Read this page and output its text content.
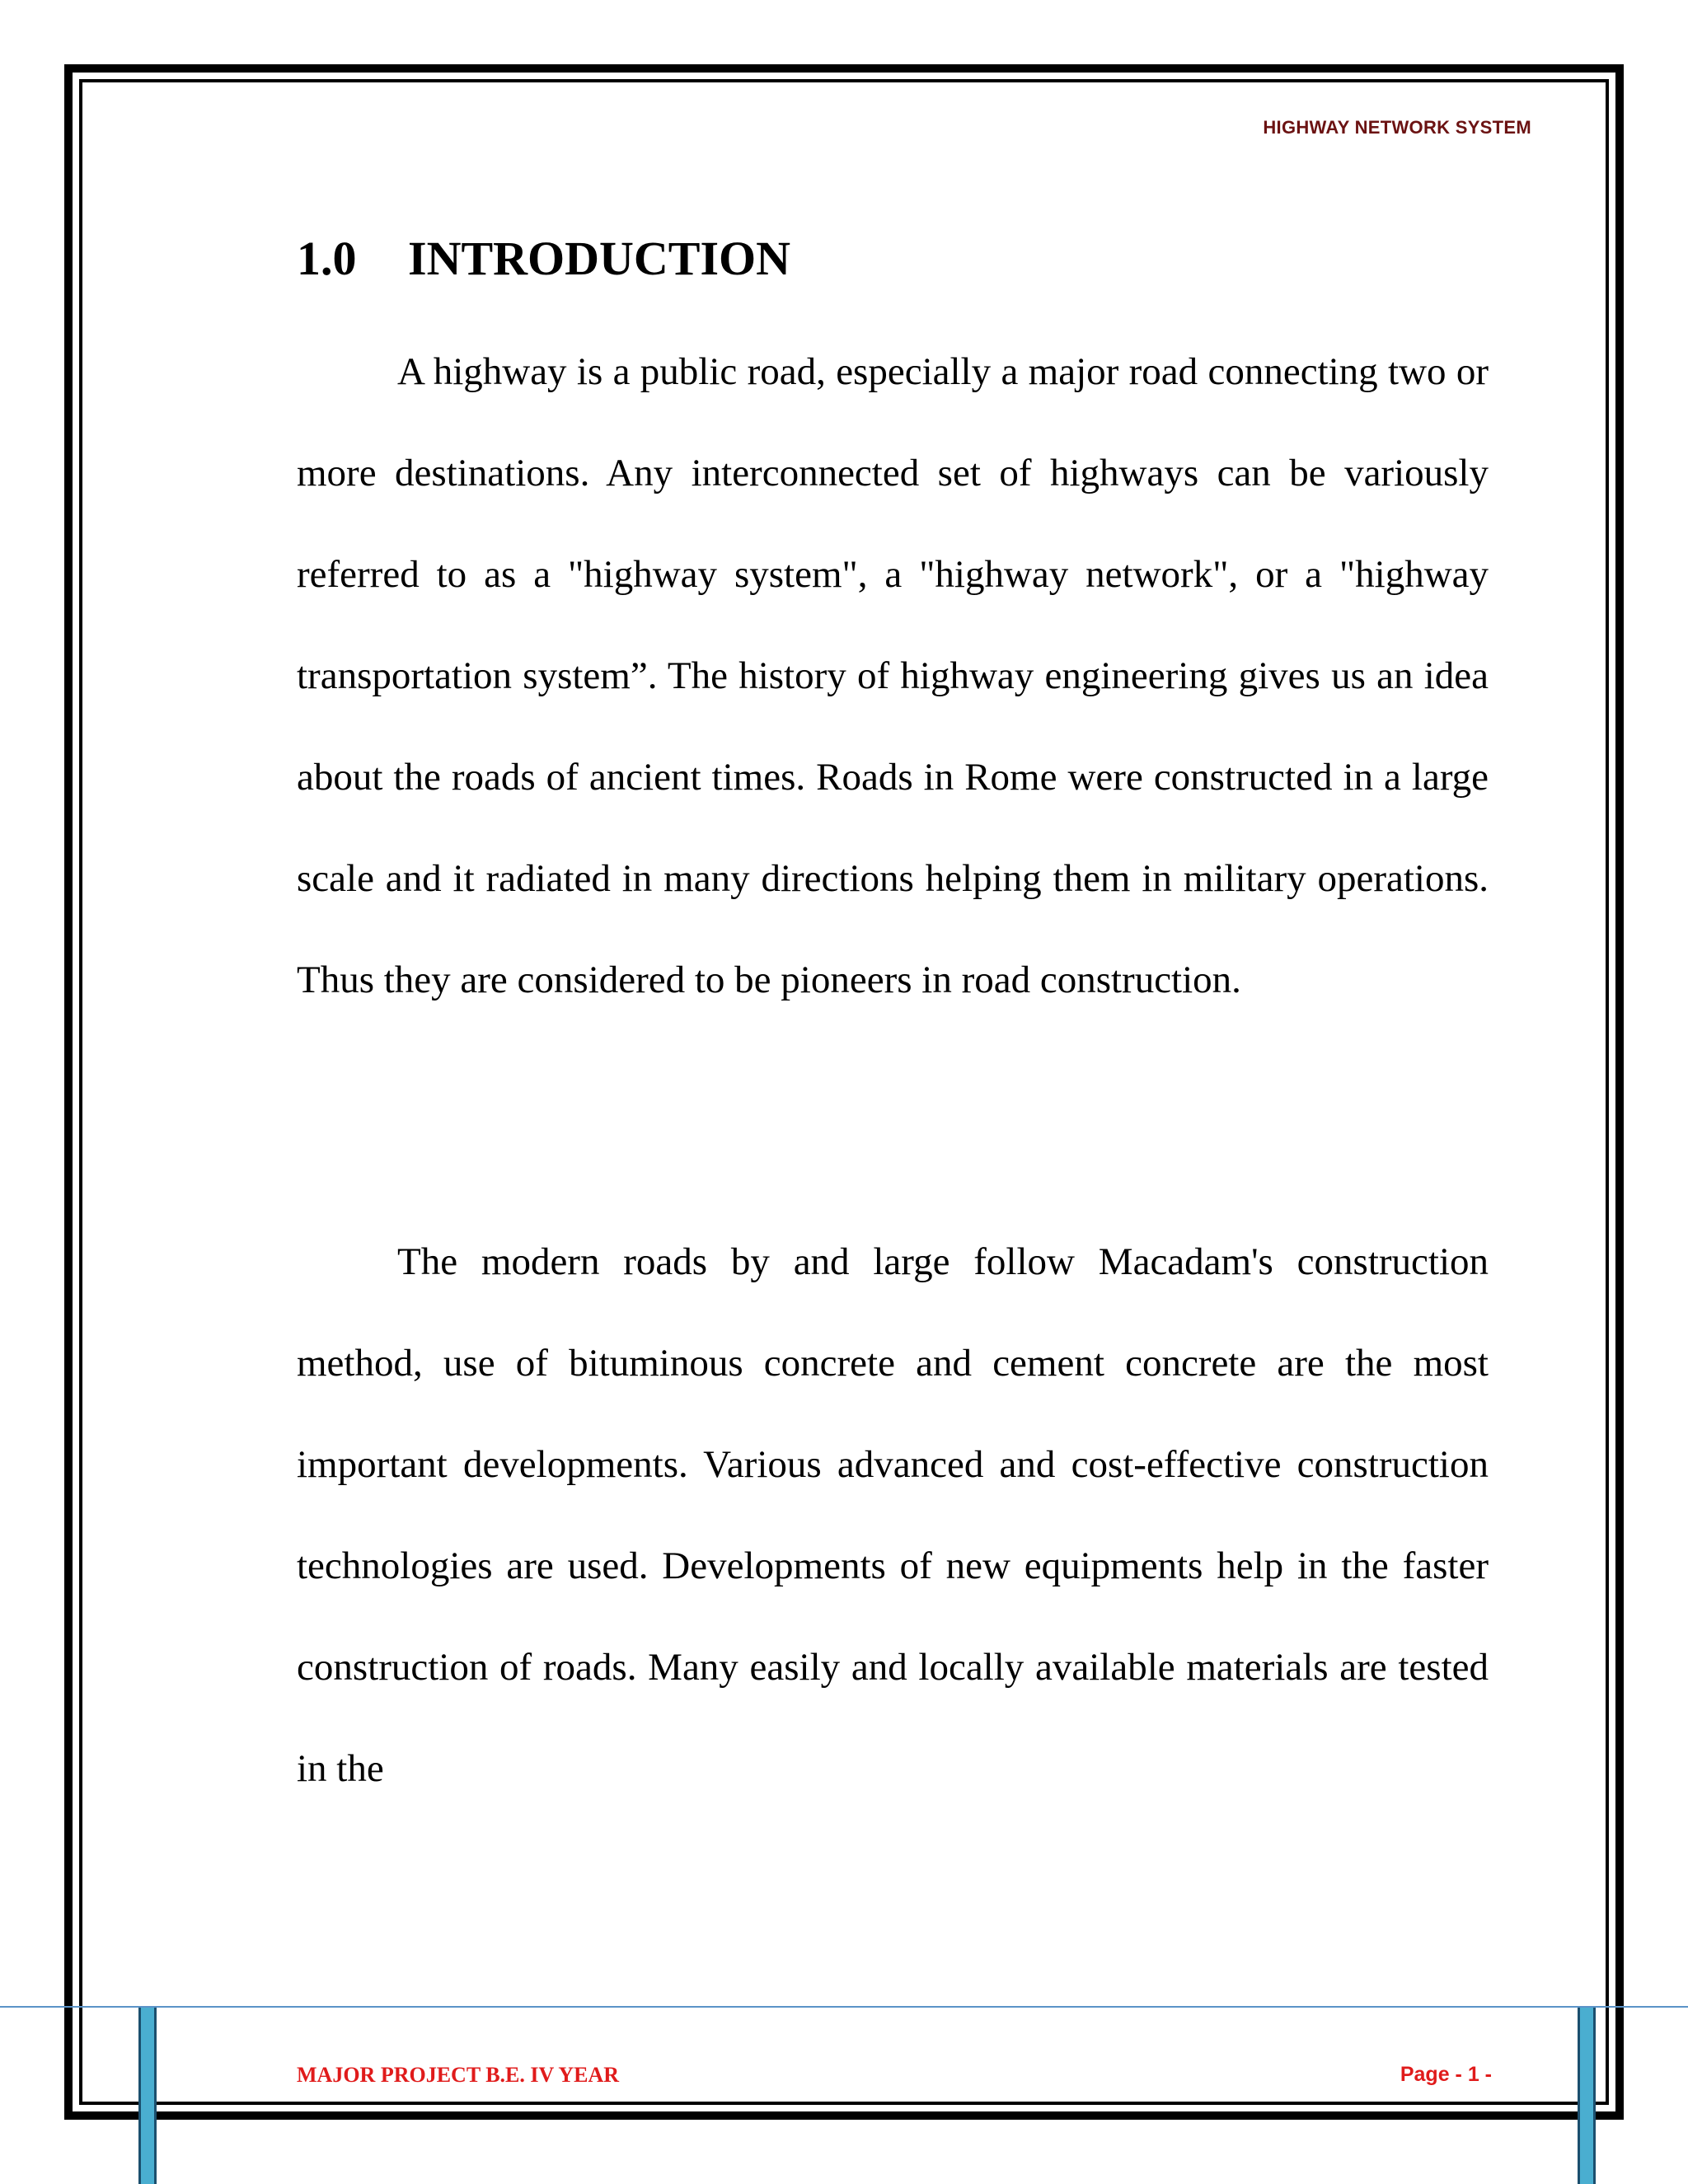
HIGHWAY NETWORK SYSTEM
1.0 INTRODUCTION

A highway is a public road, especially a major road connecting two or more destinations. Any interconnected set of highways can be variously referred to as a "highway system", a "highway network", or a "highway transportation system”. The history of highway engineering gives us an idea about the roads of ancient times. Roads in Rome were constructed in a large scale and it radiated in many directions helping them in military operations. Thus they are considered to be pioneers in road construction.

The modern roads by and large follow Macadam's construction method, use of bituminous concrete and cement concrete are the most important developments. Various advanced and cost-effective construction technologies are used. Developments of new equipments help in the faster construction of roads. Many easily and locally available materials are tested in the

MAJOR PROJECT B.E. IV YEAR	Page - 1 -
